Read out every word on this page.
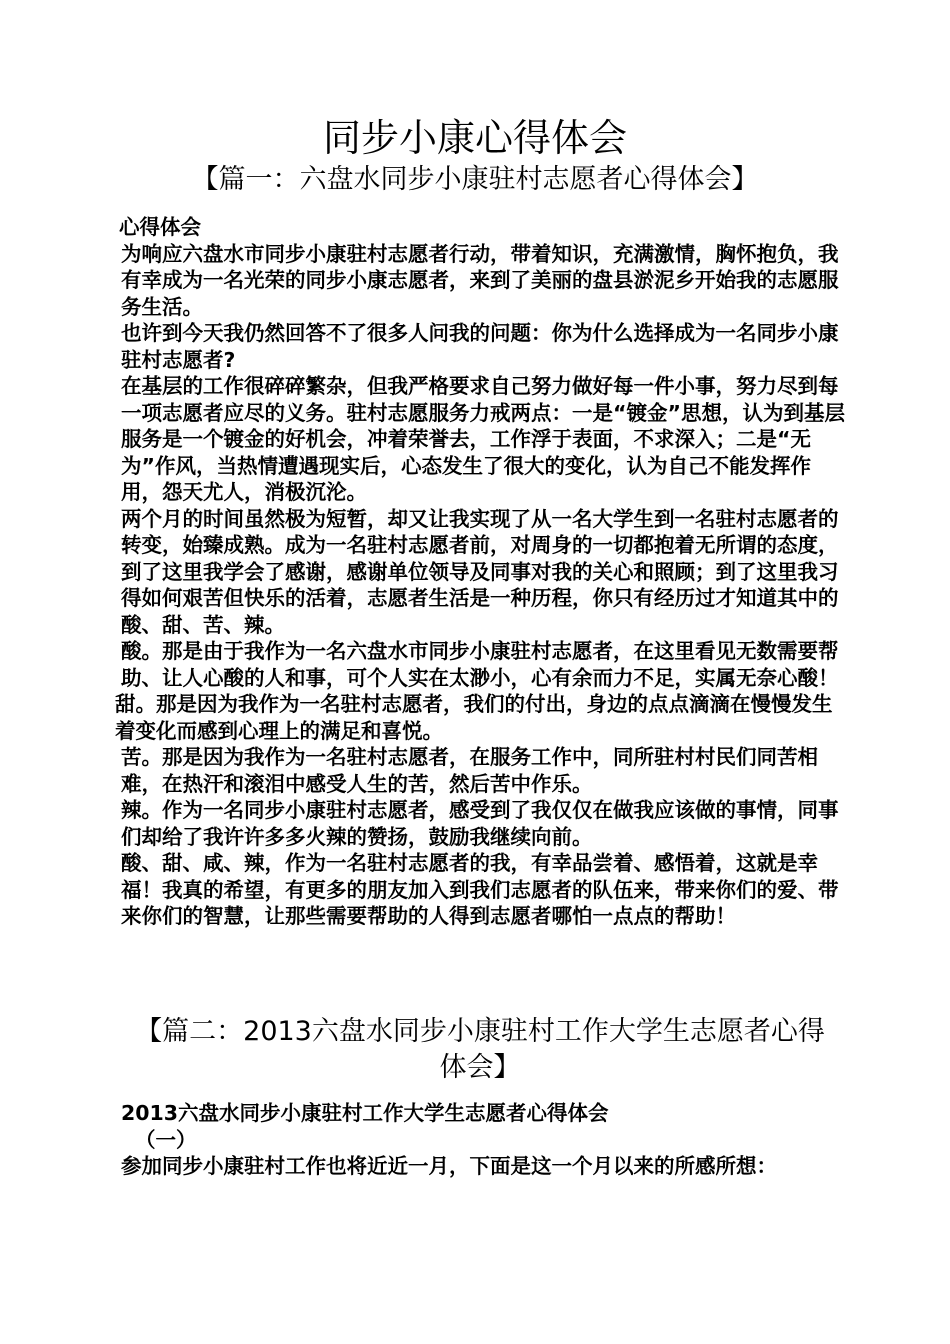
同步小康心得体会
【篇一：六盘水同步小康驻村志愿者心得体会】

心得体会

为响应六盘水市同步小康驻村志愿者行动，带着知识，充满激情，胸怀抱负，我有幸成为一名光荣的同步小康志愿者，来到了美丽的盘县淤泥乡开始我的志愿服务生活。

也许到今天我仍然回答不了很多人问我的问题：你为什么选择成为一名同步小康驻村志愿者?

在基层的工作很碎碎繁杂，但我严格要求自己努力做好每一件小事，努力尽到每一项志愿者应尽的义务。驻村志愿服务力戒两点：一是“镀金”思想，认为到基层服务是一个镀金的好机会，冲着荣誉去，工作浮于表面，不求深入；二是“无为”作风，当热情遭遇现实后，心态发生了很大的变化，认为自己不能发挥作用，怨天尤人，消极沉沦。

两个月的时间虽然极为短暂，却又让我实现了从一名大学生到一名驻村志愿者的转变，始臻成熟。成为一名驻村志愿者前，对周身的一切都抱着无所谓的态度，到了这里我学会了感谢，感谢单位领导及同事对我的关心和照顾；到了这里我习得如何艰苦但快乐的活着，志愿者生活是一种历程，你只有经历过才知道其中的酸、甜、苦、辣。

酸。那是由于我作为一名六盘水市同步小康驻村志愿者，在这里看见无数需要帮助、让人心酸的人和事，可个人实在太渺小，心有余而力不足，实属无奈心酸！

甜。那是因为我作为一名驻村志愿者，我们的付出，身边的点点滴滴在慢慢发生着变化而感到心理上的满足和喜悦。

苦。那是因为我作为一名驻村志愿者，在服务工作中，同所驻村村民们同苦相难，在热汗和滚泪中感受人生的苦，然后苦中作乐。

辣。作为一名同步小康驻村志愿者，感受到了我仅仅在做我应该做的事情，同事们却给了我许许多多火辣的赞扬，鼓励我继续向前。

酸、甜、咸、辣，作为一名驻村志愿者的我，有幸品尝着、感悟着，这就是幸福！我真的希望，有更多的朋友加入到我们志愿者的队伍来，带来你们的爱、带来你们的智慧，让那些需要帮助的人得到志愿者哪怕一点点的帮助！

【篇二：2013六盘水同步小康驻村工作大学生志愿者心得体会】

2013六盘水同步小康驻村工作大学生志愿者心得体会

（一）

参加同步小康驻村工作也将近近一月，下面是这一个月以来的所感所想：
